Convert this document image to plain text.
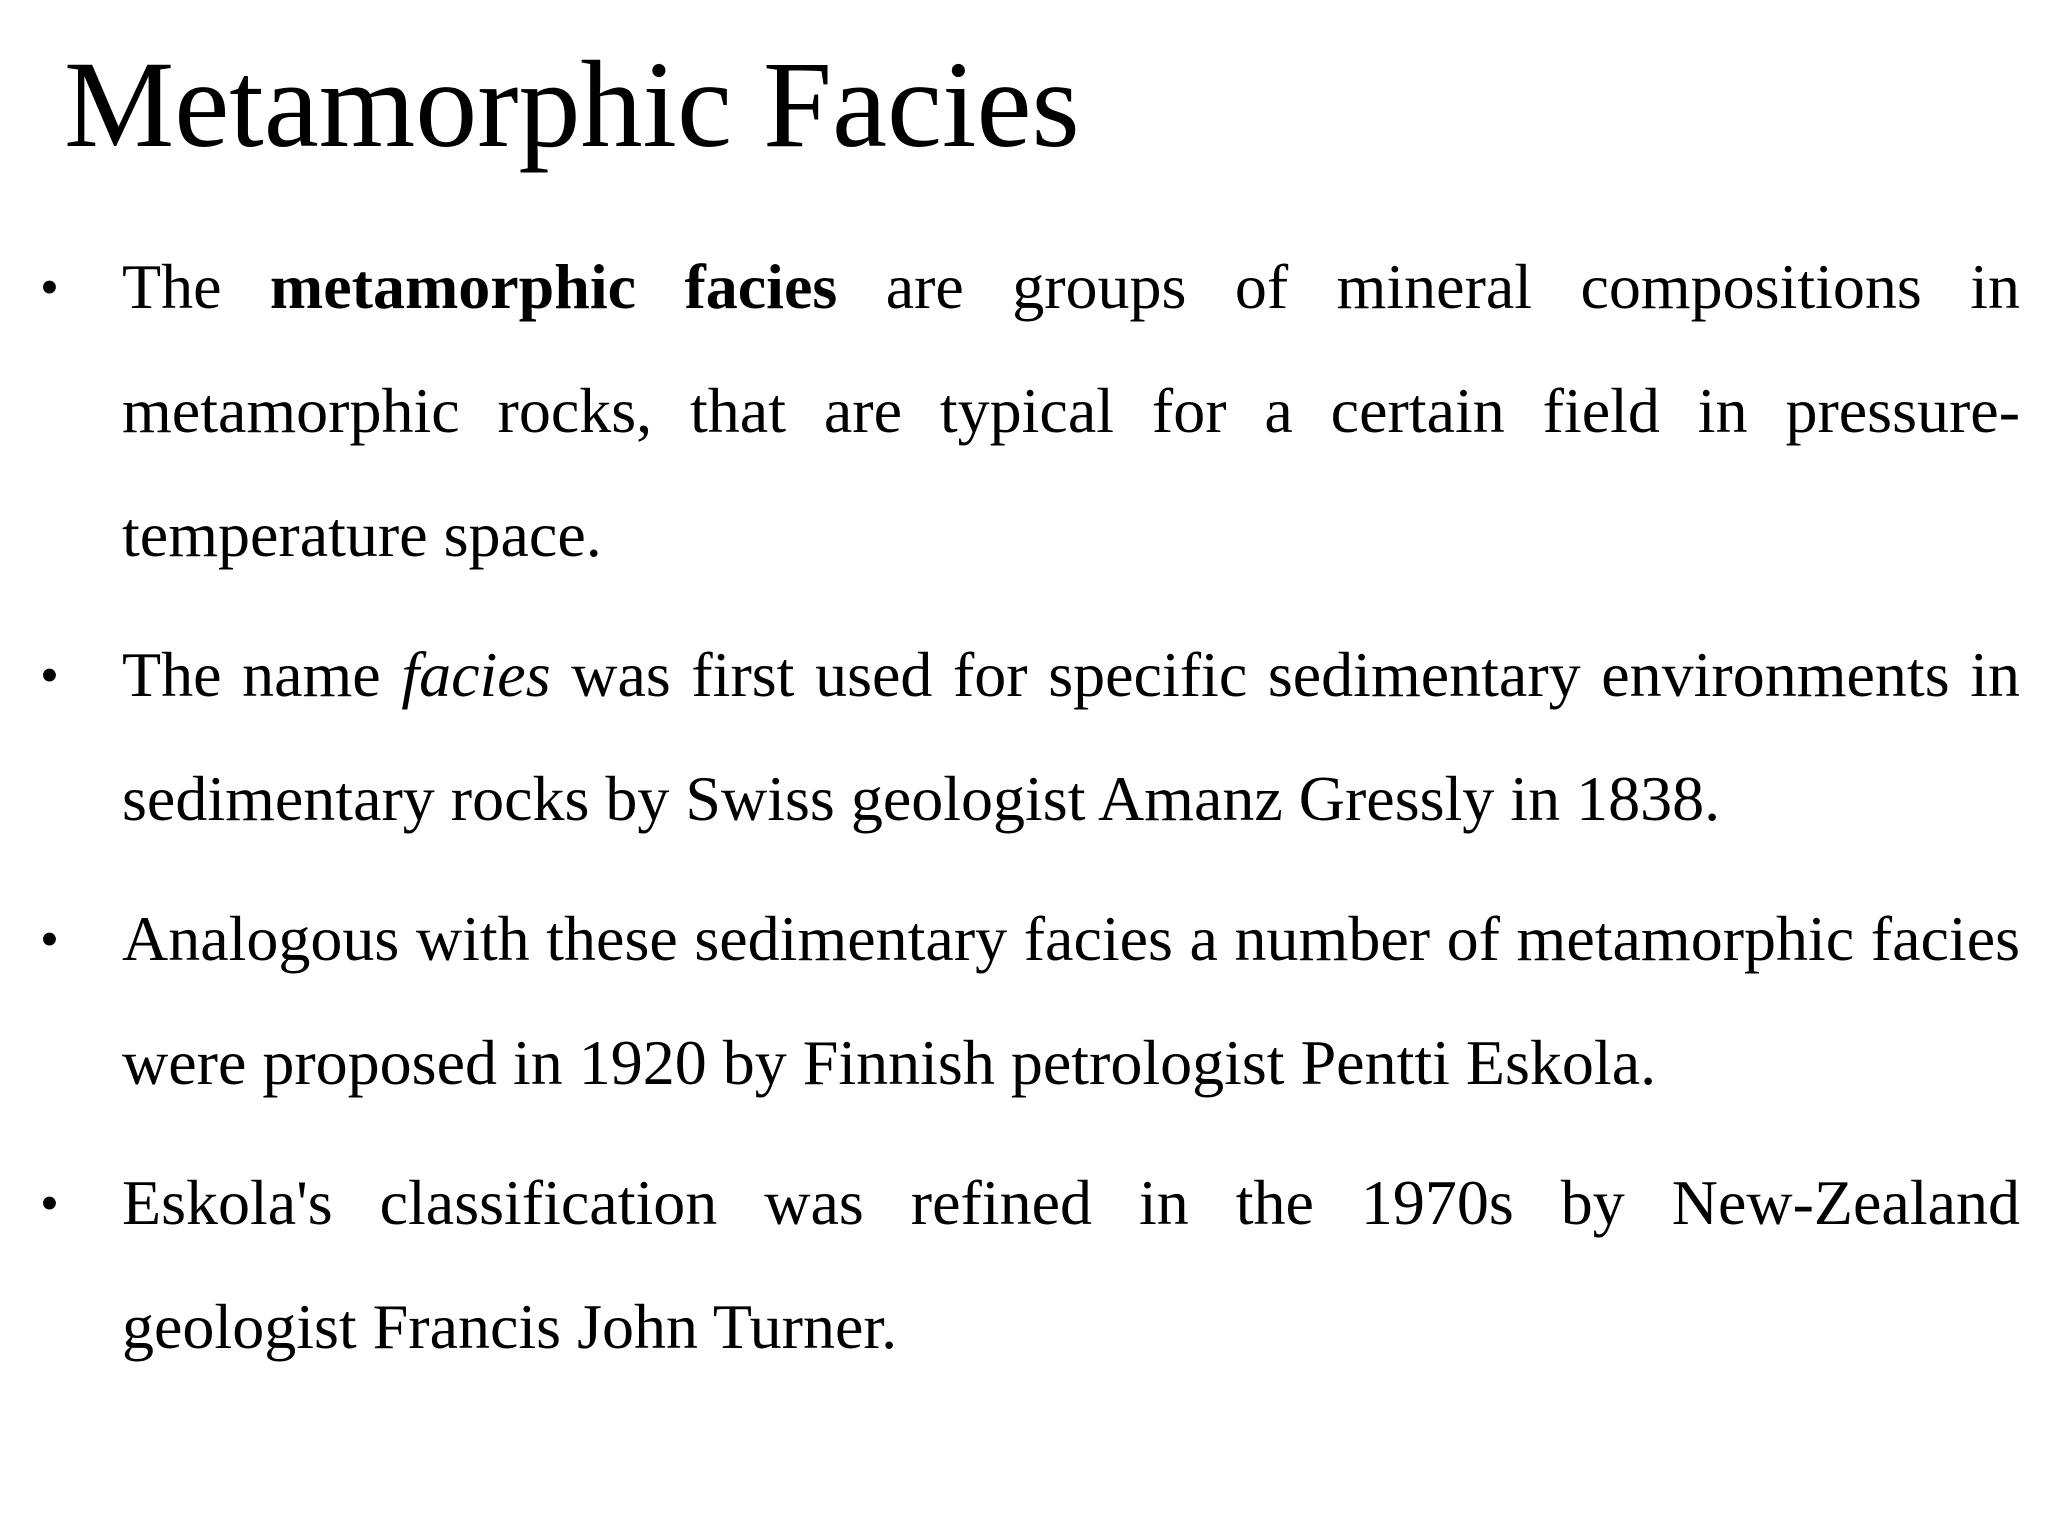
Metamorphic Facies
• The metamorphic facies are groups of mineral compositions in metamorphic rocks, that are typical for a certain field in pressure-temperature space.
• The name facies was first used for specific sedimentary environments in sedimentary rocks by Swiss geologist Amanz Gressly in 1838.
• Analogous with these sedimentary facies a number of metamorphic facies were proposed in 1920 by Finnish petrologist Pentti Eskola.
• Eskola's classification was refined in the 1970s by New-Zealand geologist Francis John Turner.
